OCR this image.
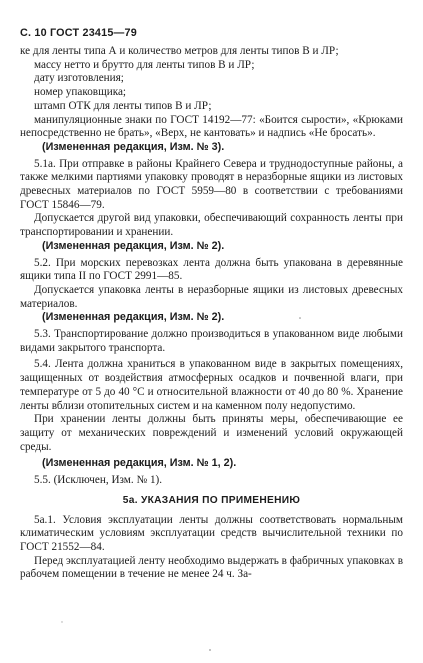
С. 10 ГОСТ 23415—79

ке для ленты типа А и количество метров для ленты типов В и ЛР;

массу нетто и брутто для ленты типов В и ЛР;

дату изготовления;

номер упаковщика;

штамп ОТК для ленты типов В и ЛР;

манипуляционные знаки по ГОСТ 14192—77: «Боится сырости», «Крюками непосредственно не брать», «Верх, не кантовать» и надпись «Не бросать».

(Измененная редакция, Изм. № 3).

5.1а. При отправке в районы Крайнего Севера и труднодоступные районы, а также мелкими партиями упаковку проводят в неразборные ящики из листовых древесных материалов по ГОСТ 5959—80 в соответствии с требованиями ГОСТ 15846—79.

Допускается другой вид упаковки, обеспечивающий сохранность ленты при транспортировании и хранении.

(Измененная редакция, Изм. № 2).

5.2. При морских перевозках лента должна быть упакована в деревянные ящики типа II по ГОСТ 2991—85.

Допускается упаковка ленты в неразборные ящики из листовых древесных материалов.

(Измененная редакция, Изм. № 2).

5.3. Транспортирование должно производиться в упакованном виде любыми видами закрытого транспорта.

5.4. Лента должна храниться в упакованном виде в закрытых помещениях, защищенных от воздействия атмосферных осадков и почвенной влаги, при температуре от 5 до 40 °С и относительной влажности от 40 до 80 %. Хранение ленты вблизи отопительных систем и на каменном полу недопустимо.

При хранении ленты должны быть приняты меры, обеспечивающие ее защиту от механических повреждений и изменений условий окружающей среды.

(Измененная редакция, Изм. № 1, 2).

5.5. (Исключен, Изм. № 1).

5а. УКАЗАНИЯ ПО ПРИМЕНЕНИЮ

5а.1. Условия эксплуатации ленты должны соответствовать нормальным климатическим условиям эксплуатации средств вычислительной техники по ГОСТ 21552—84.

Перед эксплуатацией ленту необходимо выдержать в фабричных упаковках в рабочем помещении в течение не менее 24 ч. За-
